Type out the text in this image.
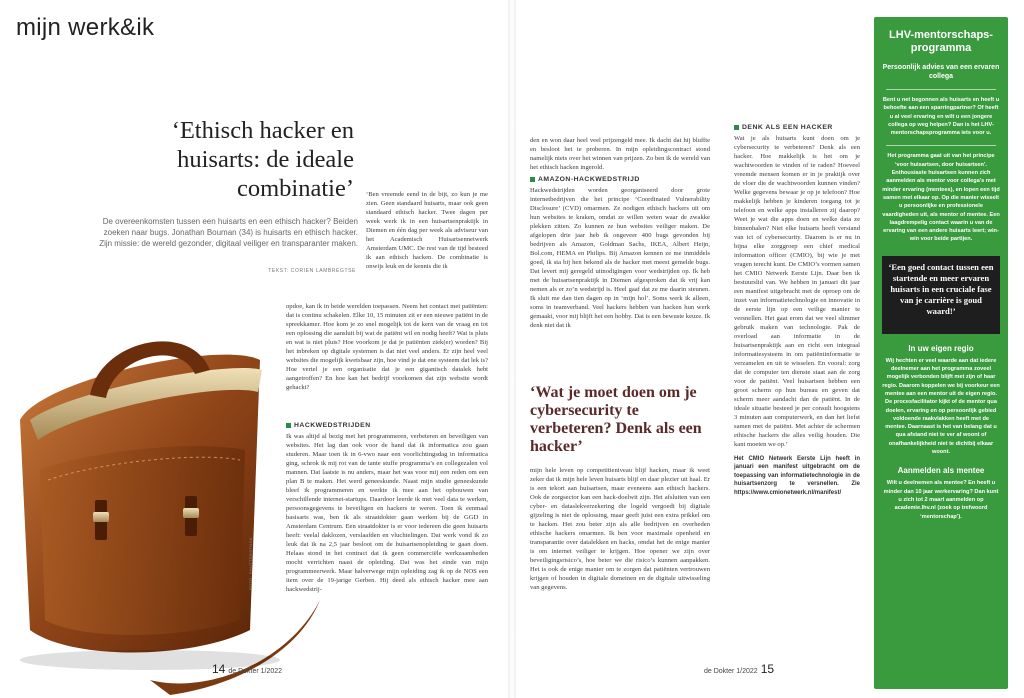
mijn werk&ik
‘Ethisch hacker en huisarts: de ideale combinatie’
De overeenkomsten tussen een huisarts en een ethisch hacker? Beiden zoeken naar bugs. Jonathan Bouman (34) is huisarts en ethisch hacker. Zijn missie: de wereld gezonder, digitaal veiliger en transparanter maken.
TEKST: CORIEN LAMBREGTSE

‘Ben vreemde eend in de bijt, zo kun je me zien. Geen standaard huisarts, maar ook geen standaard ethisch hacker. Twee dagen per week werk ik in een huisartsenpraktijk in Diemen en één dag per week als adviseur van het Academisch Huisartsennetwerk Amsterdam UMC. De rest van de tijd besteed ik aan ethisch hacken. De combinatie is onwijs leuk en de kennis die ik

opdoe, kan ik in beide werelden toepassen. Neem het contact met patiënten: dat is continu schakelen. Elke 10, 15 minuten zit er een nieuwe patiënt in de spreekkamer. Hoe kom je zo snel mogelijk tot de kern van de vraag en tot een oplossing die aansluit bij wat de patiënt wil en nodig heeft? Wat is pluis en wat is niet pluis? Hoe voorkom je dat je patiënten ziek(er) worden? Bij het inbreken op digitale systemen is dat niet veel anders. Er zijn heel veel websites die mogelijk kwetsbaar zijn, hoe vind je dat ene systeem dat lek is? Hoe vertel je een organisatie dat je een gigantisch datalek hebt aangetroffen? En hoe kan het bedrijf voorkomen dat zijn website wordt gehackt?

HACKWEDSTRIJDEN

Ik was altijd al bezig met het programmeren, verbeteren en beveiligen van websites. Het lag dan ook voor de hand dat ik informatica zou gaan studeren. Maar toen ik in 6-vwo naar een voorlichtingsdag in informatica ging, schrok ik mij rot van de tante stuffe programma’s en collegezalen vol mannen. Dat laatste is nu anders, maar het was voor mij een reden om een plan B te maken. Het werd geneeskunde. Naast mijn studie geneeskunde bleef ik programmeren en werkte ik mee aan het opbouwen van verschillende internet-startups. Daardoor leerde ik met veel data te werken, persoonsgegevens te beveiligen en hackers te weren. Toen ik eenmaal basisarts was, ben ik als straatdokter gaan werken bij de GGD in Amsterdam Centrum. Een straatdokter is er voor iedereen die geen huisarts heeft: veelal daklozen, verslaafden en vluchtelingen. Dat werk vond ik zo leuk dat ik na 2,5 jaar besloot om de huisartsenopleiding te gaan doen. Helaas stond in het contract dat ik geen commerciële werkzaamheden mocht verrichten naast de opleiding. Dat was het einde van mijn programmeerwerk. Maar halverwege mijn opleiding zag ik op de NOS een item over de 19-jarige Gerben. Hij deed als ethisch hacker mee aan hackwedstrij-

FOTO: SHUTTERSTOCK
14 de Dokter 1/2022

den en won daar heel veel prijzengeld mee. Ik dacht dat hij bluffte en besloot het te proberen. In mijn opleidingscontract stond namelijk niets over het winnen van prijzen. Zo ben ik de wereld van het ethisch hacken ingerold.

AMAZON-HACKWEDSTRIJD

Hackwedstrijden worden georganiseerd door grote internetbedrijven die het principe ‘Coordinated Vulnerability Disclosure’ (CVD) omarmen. Ze nodigen ethisch hackers uit om hun websites te kraken, omdat ze willen weten waar de zwakke plekken zitten. Zo kunnen ze hun websites veiliger maken. De afgelopen drie jaar heb ik ongeveer 400 bugs gevonden bij bedrijven als Amazon, Goldman Sachs, IKEA, Albert Heijn, Bol.com, HEMA en Philips. Bij Amazon kennen ze me inmiddels goed, ik sta bij hen bekend als de hacker met meest gemelde bugs. Dat levert mij geregeld uitnodigingen voor wedstrijden op. Ik heb met de huisartsenpraktijk in Diemen afgesproken dat ik vrij kan nemen als er zo’n wedstrijd is. Heel gaaf dat ze me daarin steunen. Ik sluit me dan tien dagen op in ‘mijn hol’. Soms werk ik alleen, soms in teamverband. Veel hackers hebben van hacken hun werk gemaakt, voor mij blijft het een hobby. Dat is een bewuste keuze. Ik denk niet dat ik

‘Wat je moet doen om je cybersecurity te verbeteren? Denk als een hacker’

mijn hele leven op competitieniveau blijf hacken, maar ik weet zeker dat ik mijn hele leven huisarts blijf en daar plezier uit haal. Er is een tekort aan huisartsen, maar eveneens aan ethisch hackers. Ook de zorgsector kan een hack-doelwit zijn. Het afsluiten van een cyber- en dataslekverzekering die logeld vergoedt bij digitale gijzeling is niet de oplossing, maar geeft juist een extra prikkel om te hacken. Het zou beter zijn als alle bedrijven en overheden ethische hackers omarmen. Ik ben voor maximale openheid en transparantie over datalekken en hacks, omdat het de enige manier is om internet veiliger te krijgen. Hoe opener we zijn over beveiligingsrisico’s, hoe beter we die risico’s kunnen aanpakken. Het is ook de enige manier om te zorgen dat patiënten vertrouwen krijgen of houden in digitale domeinen en de digitale uitwisseling van gegevens.

DENK ALS EEN HACKER

Wat je als huisarts kunt doen om je cybersecurity te verbeteren? Denk als een hacker. Hoe makkelijk is het om je wachtwoorden te vinden of te raden? Hoeveel vreemde mensen komen er in je praktijk over de vloer die de wachtwoorden kunnen vinden? Welke gegevens bewaar je op je telefoon? Hoe makkelijk hebben je kinderen toegang tot je telefoon en welke apps installeren zij daarop? Weet je wat die apps doen en welke data ze binnenhalen? Niet elke huisarts heeft verstand van ict of cybersecurity. Daarom is er nu in bijna elke zorggroep een chief medical information officer (CMIO), bij wie je met vragen terecht kunt. De CMIO’s vormen samen het CMIO Netwerk Eerste Lijn. Daar ben ik bestuurslid van. We hebben in januari dit jaar een manifest uitgebracht met de oproep om de inzet van informatietechnologie en innovatie in de eerste lijn op een veilige manier te versnellen. Het gaat erom dat we veel slimmer gebruik maken van technologie. Pak de overload aan informatie in de huisartsenpraktijk aan en richt een integraal informatiesysteem in om patiëntinformatie te verzamelen en uit te wisselen. En vooral: zorg dat de computer ten dienste staat aan de zorg voor de patiënt. Veel huisartsen hebben een groot scherm op hun bureau en geven dat scherm meer aandacht dan de patiënt. In de ideale situatie besteed je per consult hoogstens 3 minuten aan computerwerk, en dan het liefst samen met de patiënt. Met achter de schermen ethische hackers die alles veilig houden. Die kant moeten we op.’

Het CMIO Netwerk Eerste Lijn heeft in januari een manifest uitgebracht om de toepassing van informatietechnologie in de huisartsenzorg te versnellen. Zie https://www.cmionetwerk.nl/manifest/
LHV-mentorschaps-programma
Persoonlijk advies van een ervaren collega
Bent u net begonnen als huisarts en heeft u behoefte aan een sparringpartner? Of heeft u al veel ervaring en wilt u een jongere collega op weg helpen? Dan is het LHV-mentorschapsprogramma iets voor u.
Het programma gaat uit van het principe ‘voor huisartsen, door huisartsen’. Enthousiaste huisartsen kunnen zich aanmelden als mentor voor collega’s met minder ervaring (mentees), en lopen een tijd samen met elkaar op. Op die manier wisselt u persoonlijke en professionele vaardigheden uit, als mentor of mentee. Een laagdrempelig contact waarin u van de ervaring van een andere huisarts leert; win-win voor beide partijen.
‘Een goed contact tussen een startende en meer ervaren huisarts in een cruciale fase van je carrière is goud waard!’
In uw eigen regio
Wij hechten er veel waarde aan dat iedere deelnemer aan het programma zoveel mogelijk verbonden blijft met zijn of haar regio. Daarom koppelen we bij voorkeur een mentee aan een mentor uit de eigen regio. De procesfacilitator kijkt of de mentor qua doelen, ervaring en op persoonlijk gebied voldoende raakvlakken heeft met de mentee. Daarnaast is het van belang dat u qua afstand niet te ver af woont of onafhankelijkheid niet te dichtbij elkaar woont.
Aanmelden als mentee
Wilt u deelnemen als mentee? En heeft u minder dan 10 jaar werkervaring? Dan kunt u zich tot 2 maart aanmelden op academie.lhv.nl (zoek op trefwoord ‘mentorschap’).
de Dokter 1/2022 15
